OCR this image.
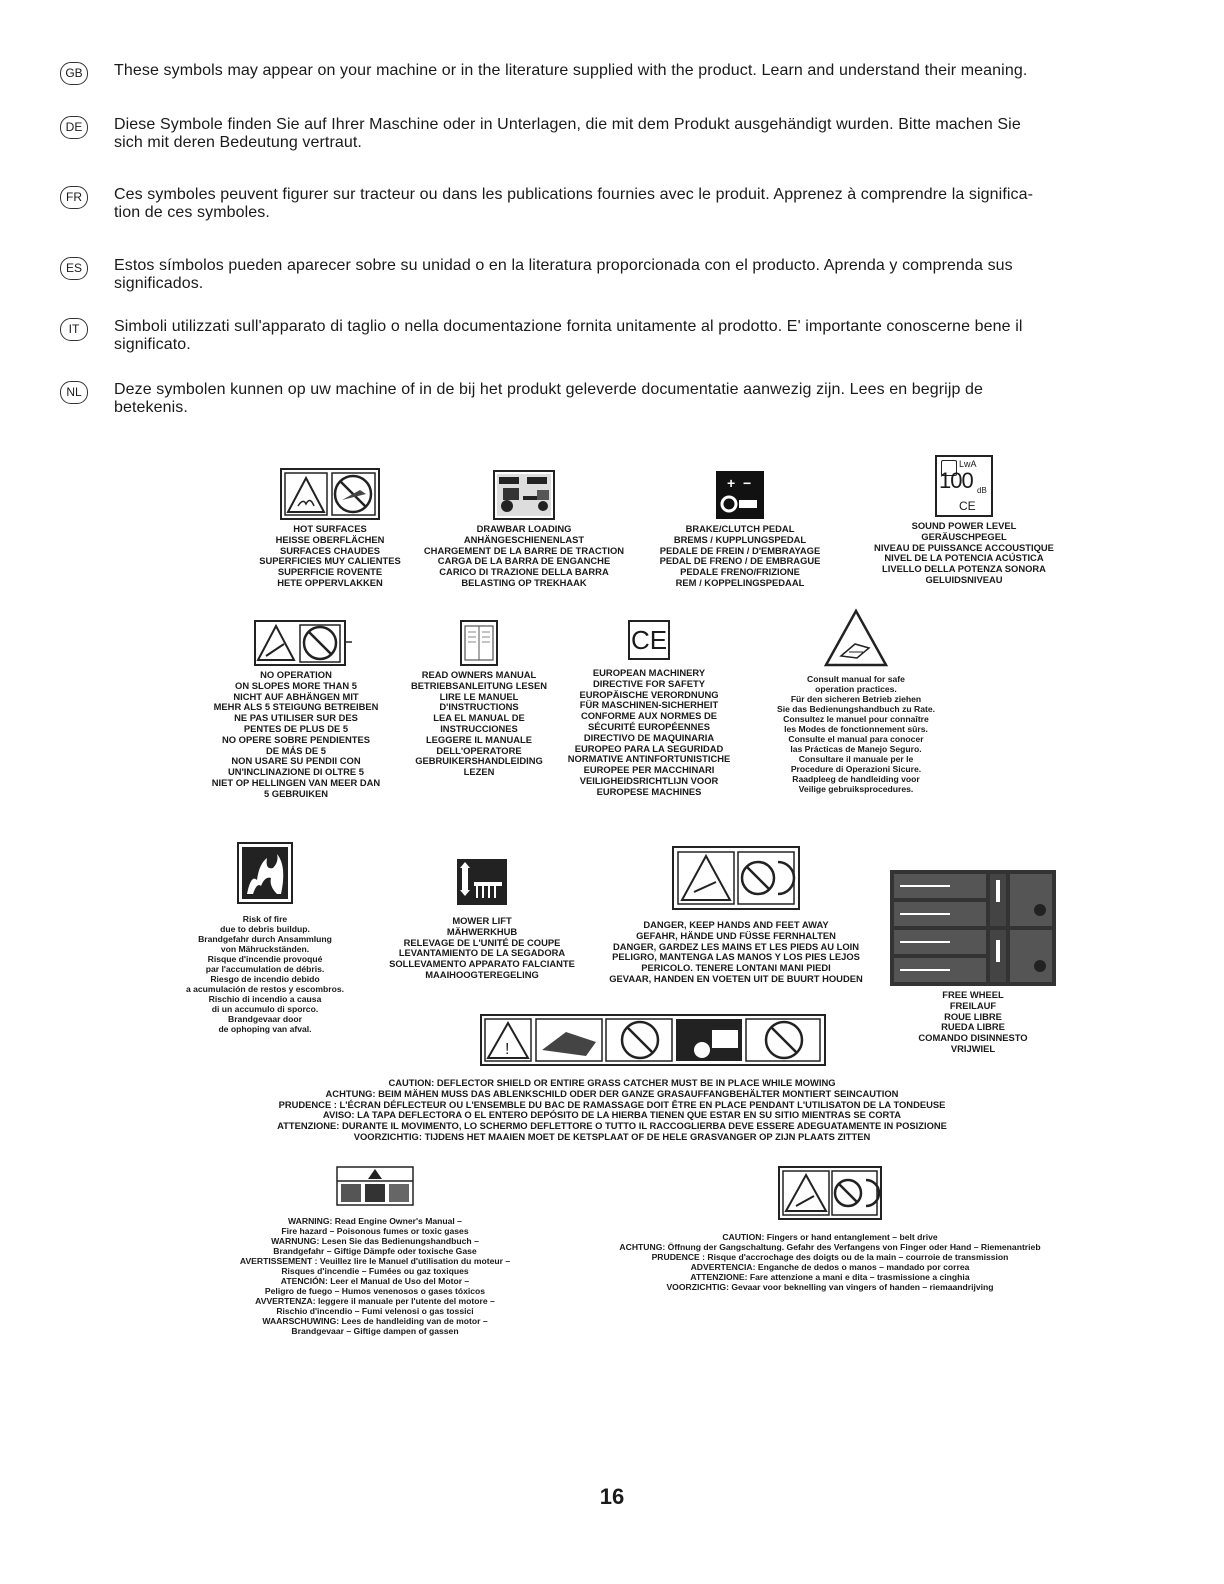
GB	These symbols may appear on your machine or in the literature supplied with the product. Learn and understand their meaning.
DE	Diese Symbole finden Sie auf Ihrer Maschine oder in Unterlagen, die mit dem Produkt ausgehändigt wurden. Bitte machen Sie
sich mit deren Bedeutung vertraut.
FR	Ces symboles peuvent figurer sur tracteur ou dans les publications fournies avec le produit. Apprenez à comprendre la significa-
tion de ces symboles.
ES	Estos símbolos pueden aparecer sobre su unidad o en la literatura proporcionada con el producto. Aprenda y comprenda sus
significados.
IT	Simboli utilizzati sull'apparato di taglio o nella documentazione fornita unitamente al prodotto. E' importante conoscerne bene il
significato.
NL	Deze symbolen kunnen op uw machine of in de bij het produkt geleverde documentatie aanwezig zijn. Lees en begrijp de
betekenis.
HOT SURFACES
HEISSE OBERFLÄCHEN
SURFACES CHAUDES
SUPERFICIES MUY CALIENTES
SUPERFICIE ROVENTE
HETE OPPERVLAKKEN
DRAWBAR LOADING
ANHÄNGESCHIENENLAST
CHARGEMENT DE LA BARRE DE TRACTION
CARGA DE LA BARRA DE ENGANCHE
CARICO DI TRAZIONE DELLA BARRA
BELASTING OP TREKHAAK
+ −
BRAKE/CLUTCH PEDAL
BREMS / KUPPLUNGSPEDAL
PEDALE DE FREIN / D'EMBRAYAGE
PEDAL DE FRENO / DE EMBRAGUE
PEDALE FRENO/FRIZIONE
REM / KOPPELINGSPEDAAL
LwA
100 dB
CE
SOUND POWER LEVEL
GERÄUSCHPEGEL
NIVEAU DE PUISSANCE ACCOUSTIQUE
NIVEL DE LA POTENCIA ACÚSTICA
LIVELLO DELLA POTENZA SONORA
GELUIDSNIVEAU
NO OPERATION
ON SLOPES MORE THAN 5
NICHT AUF ABHÄNGEN MIT
MEHR ALS 5 STEIGUNG BETREIBEN
NE PAS UTILISER SUR DES
PENTES DE PLUS DE 5
NO OPERE SOBRE PENDIENTES
DE MÁS DE 5
NON USARE SU PENDII CON
UN'INCLINAZIONE DI OLTRE 5
NIET OP HELLINGEN VAN MEER DAN
5 GEBRUIKEN
READ OWNERS MANUAL
BETRIEBSANLEITUNG LESEN
LIRE LE MANUEL
D'INSTRUCTIONS
LEA EL MANUAL DE
INSTRUCCIONES
LEGGERE IL MANUALE
DELL'OPERATORE
GEBRUIKERSHANDLEIDING
LEZEN
CE
EUROPEAN MACHINERY
DIRECTIVE FOR SAFETY
EUROPÄISCHE VERORDNUNG
FÜR MASCHINEN-SICHERHEIT
CONFORME AUX NORMES DE
SÉCURITÉ EUROPÉENNES
DIRECTIVO DE MAQUINARIA
EUROPEO PARA LA SEGURIDAD
NORMATIVE ANTINFORTUNISTICHE
EUROPEE PER MACCHINARI
VEILIGHEIDSRICHTLIJN VOOR
EUROPESE MACHINES
Consult manual for safe
operation practices.
Für den sicheren Betrieb ziehen
Sie das Bedienungshandbuch zu Rate.
Consultez le manuel pour connaître
les Modes de fonctionnement sûrs.
Consulte el manual para conocer
las Prácticas de Manejo Seguro.
Consultare il manuale per le
Procedure di Operazioni Sicure.
Raadpleeg de handleiding voor
Veilige gebruiksprocedures.
Risk of fire
due to debris buildup.
Brandgefahr durch Ansammlung
von Mähruckständen.
Risque d'incendie provoqué
par l'accumulation de débris.
Riesgo de incendio debido
a acumulación de restos y escombros.
Rischio di incendio a causa
di un accumulo di sporco.
Brandgevaar door
de ophoping van afval.
MOWER LIFT
MÄHWERKHUB
RELEVAGE DE L'UNITÉ DE COUPE
LEVANTAMIENTO DE LA SEGADORA
SOLLEVAMENTO APPARATO FALCIANTE
MAAIHOOGTEREGELING
DANGER, KEEP HANDS AND FEET AWAY
GEFAHR, HÄNDE UND FÜSSE FERNHALTEN
DANGER, GARDEZ LES MAINS ET LES PIEDS AU LOIN
PELIGRO, MANTENGA LAS MANOS Y LOS PIES LEJOS
PERICOLO. TENERE LONTANI MANI PIEDI
GEVAAR, HANDEN EN VOETEN UIT DE BUURT HOUDEN
FREE WHEEL
FREILAUF
ROUE LIBRE
RUEDA LIBRE
COMANDO DISINNESTO
VRIJWIEL
!
CAUTION: DEFLECTOR SHIELD OR ENTIRE GRASS CATCHER MUST BE IN PLACE WHILE MOWING
ACHTUNG: BEIM MÄHEN MUSS DAS ABLENKSCHILD ODER DER GANZE GRASAUFFANGBEHÄLTER MONTIERT SEINCAUTION
PRUDENCE : L'ÉCRAN DÉFLECTEUR OU L'ENSEMBLE DU BAC DE RAMASSAGE DOIT ÊTRE EN PLACE PENDANT L'UTILISATON DE LA TONDEUSE
AVISO: LA TAPA DEFLECTORA O EL ENTERO DEPÓSITO DE LA HIERBA TIENEN QUE ESTAR EN SU SITIO MIENTRAS SE CORTA
ATTENZIONE: DURANTE IL MOVIMENTO, LO SCHERMO DEFLETTORE O TUTTO IL RACCOGLIERBA DEVE ESSERE ADEGUATAMENTE IN POSIZIONE
VOORZICHTIG: TIJDENS HET MAAIEN MOET DE KETSPLAAT OF DE HELE GRASVANGER OP ZIJN PLAATS ZITTEN
WARNING: Read Engine Owner's Manual –
Fire hazard – Poisonous fumes or toxic gases
WARNUNG: Lesen Sie das Bedienungshandbuch –
Brandgefahr – Giftige Dämpfe oder toxische Gase
AVERTISSEMENT : Veuillez lire le Manuel d'utilisation du moteur –
Risques d'incendie – Fumées ou gaz toxiques
ATENCIÓN: Leer el Manual de Uso del Motor –
Peligro de fuego – Humos venenosos o gases tóxicos
AVVERTENZA: leggere il manuale per l'utente del motore –
Rischio d'incendio – Fumi velenosi o gas tossici
WAARSCHUWING: Lees de handleiding van de motor –
Brandgevaar – Giftige dampen of gassen
CAUTION: Fingers or hand entanglement – belt drive
ACHTUNG: Öffnung der Gangschaltung. Gefahr des Verfangens von Finger oder Hand – Riemenantrieb
PRUDENCE : Risque d'accrochage des doigts ou de la main – courroie de transmission
ADVERTENCIA: Enganche de dedos o manos – mandado por correa
ATTENZIONE: Fare attenzione a mani e dita – trasmissione a cinghia
VOORZICHTIG: Gevaar voor beknelling van vingers of handen – riemaandrijving
16
